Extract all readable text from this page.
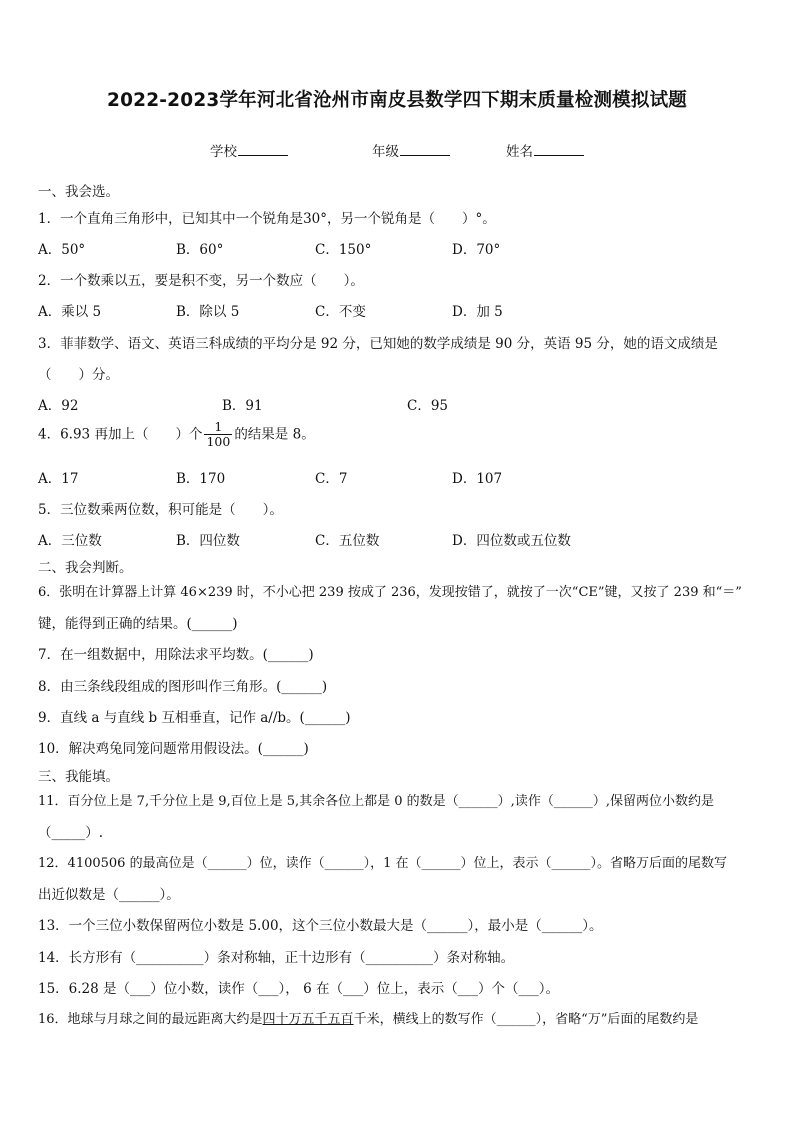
2022-2023学年河北省沧州市南皮县数学四下期末质量检测模拟试题
学校	年级	姓名
一、我会选。
1．一个直角三角形中，已知其中一个锐角是30°，另一个锐角是（　　）°。
A．50°	B．60°	C．150°	D．70°
2．一个数乘以五，要是积不变，另一个数应（　　）。
A．乘以 5	B．除以 5	C．不变	D．加 5
3．菲菲数学、语文、英语三科成绩的平均分是 92 分，已知她的数学成绩是 90 分，英语 95 分，她的语文成绩是
（　　）分。
A．92	B．91	C．95
4．6.93 再加上（　　）个 $\frac{1}{100}$ 的结果是 8。
A．17	B．170	C．7	D．107
5．三位数乘两位数，积可能是（　　）。
A．三位数	B．四位数	C．五位数	D．四位数或五位数
二、我会判断。
6．张明在计算器上计算 46×239 时，不小心把 239 按成了 236，发现按错了，就按了一次“CE”键，又按了 239 和“＝”
键，能得到正确的结果。(______)
7．在一组数据中，用除法求平均数。(______)
8．由三条线段组成的图形叫作三角形。(______)
9．直线 a 与直线 b 互相垂直，记作 a//b。(______)
10．解决鸡兔同笼问题常用假设法。(______)
三、我能填。
11．百分位上是 7,千分位上是 9,百位上是 5,其余各位上都是 0 的数是（______）,读作（______）,保留两位小数约是
（_____）.
12．4100506 的最高位是（______）位，读作（______），1 在（______）位上，表示（______）。省略万后面的尾数写
出近似数是（______）。
13．一个三位小数保留两位小数是 5.00，这个三位小数最大是（______），最小是（______）。
14．长方形有（__________）条对称轴，正十边形有（__________）条对称轴。
15．6.28 是（___）位小数，读作（___）， 6 在（___）位上，表示（___）个（___）。
16．地球与月球之间的最远距离大约是四十万五千五百千米，横线上的数写作（______），省略“万”后面的尾数约是
